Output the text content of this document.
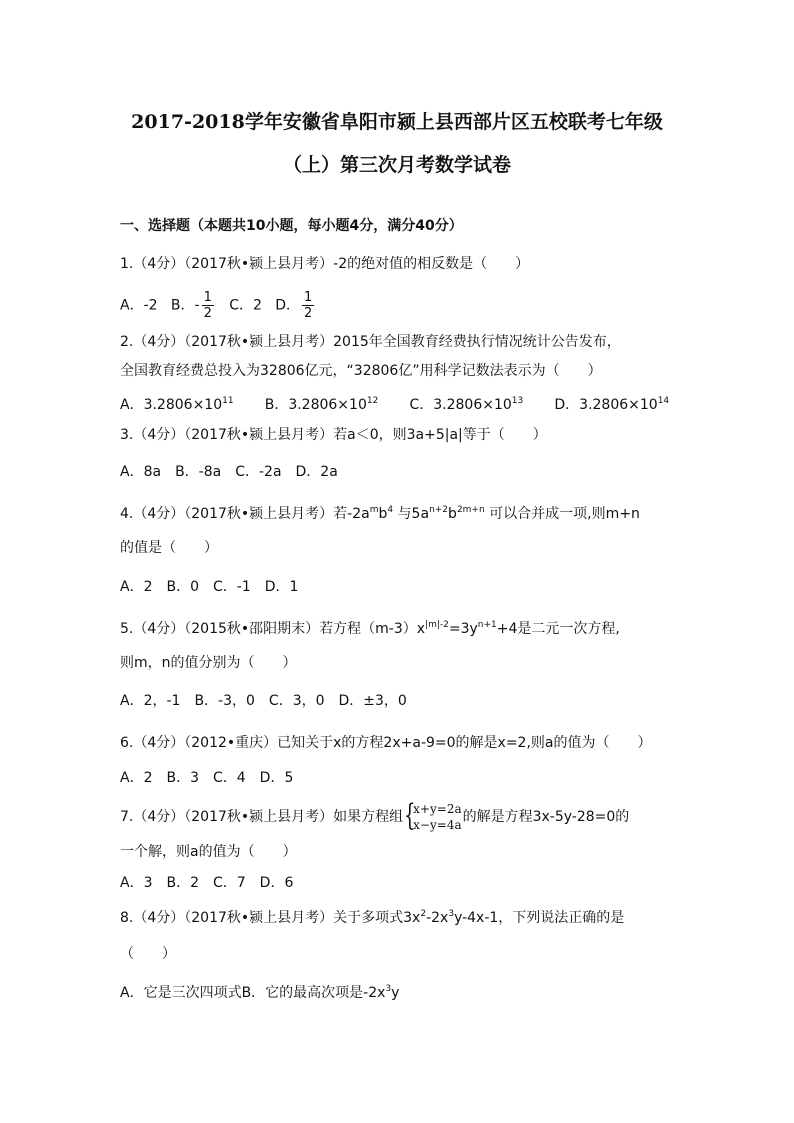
2017-2018学年安徽省阜阳市颍上县西部片区五校联考七年级
（上）第三次月考数学试卷
一、选择题（本题共10小题，每小题4分，满分40分）
1.（4分）（2017秋•颍上县月考）-2的绝对值的相反数是（　　）
A．-2 B．- $\frac{1}{2}$ C．2 D． $\frac{1}{2}$
2.（4分）（2017秋•颍上县月考）2015年全国教育经费执行情况统计公告发布，
全国教育经费总投入为32806亿元，“32806亿”用科学记数法表示为（　　）
A．$3.2806\times 10^{11}$ B．$3.2806\times 10^{12}$ C．$3.2806\times 10^{13}$ D．$3.2806\times 10^{14}$
3.（4分）（2017秋•颍上县月考）若a＜0，则3a+5|a|等于（　　）
A．8a　B．-8a　C．-2a　D．2a
4.（4分）（2017秋•颍上县月考）若$-2a^mb^4$ 与$5a^{n+2}b^{2m+n}$ 可以合并成一项,则m+n
的值是（　　）
A．2　B．0　C．-1　D．1
5.（4分）（2015秋•邵阳期末）若方程$(m-3)x^{|m|-2}=3y^{n+1}+4$是二元一次方程,
则m，n的值分别为（　　）
A．2，-1　B．-3，0　C．3，0　D．±3，0
6.（4分）（2012•重庆）已知关于x的方程2x+a-9=0的解是x=2,则a的值为（　　）
A．2　B．3　C．4　D．5
7.（4分）（2017秋•颍上县月考）如果方程组 {
x+y=2a
x−y=4a 的解是方程3x-5y-28=0的
一个解，则a的值为（　　）
A．3　B．2　C．7　D．6
8.（4分）（2017秋•颍上县月考）关于多项式$3x^2-2x^3y-4x-1$，下列说法正确的是
（　　）
A．它是三次四项式B．它的最高次项是$-2x^3y$
